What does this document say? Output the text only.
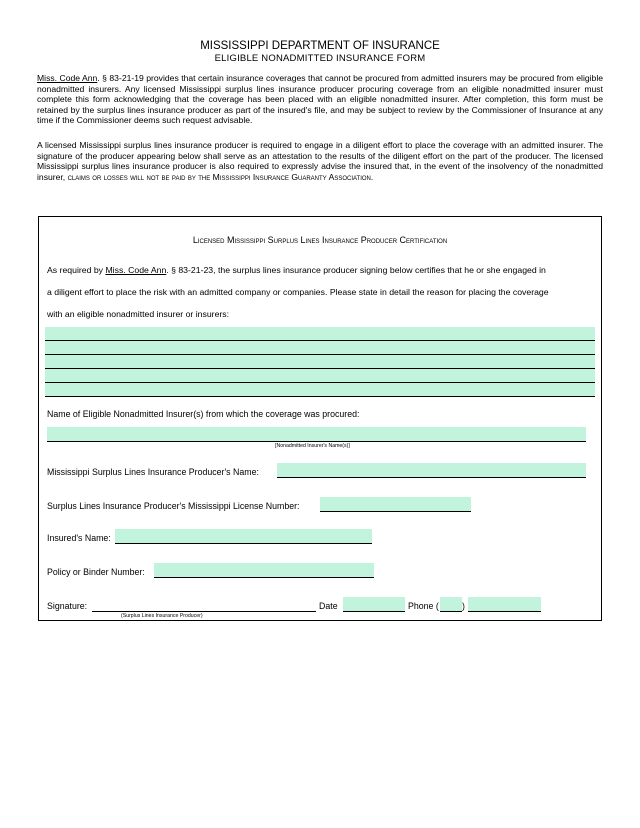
MISSISSIPPI DEPARTMENT OF INSURANCE
ELIGIBLE NONADMITTED INSURANCE FORM
Miss. Code Ann. § 83-21-19 provides that certain insurance coverages that cannot be procured from admitted insurers may be procured from eligible nonadmitted insurers. Any licensed Mississippi surplus lines insurance producer procuring coverage from an eligible nonadmitted insurer must complete this form acknowledging that the coverage has been placed with an eligible nonadmitted insurer. After completion, this form must be retained by the surplus lines insurance producer as part of the insured's file, and may be subject to review by the Commissioner of Insurance at any time if the Commissioner deems such request advisable.
A licensed Mississippi surplus lines insurance producer is required to engage in a diligent effort to place the coverage with an admitted insurer. The signature of the producer appearing below shall serve as an attestation to the results of the diligent effort on the part of the producer. The licensed Mississippi surplus lines insurance producer is also required to expressly advise the insured that, in the event of the insolvency of the nonadmitted insurer, claims or losses will not be paid by the Mississippi Insurance Guaranty Association.
Licensed Mississippi Surplus Lines Insurance Producer Certification
As required by Miss. Code Ann. § 83-21-23, the surplus lines insurance producer signing below certifies that he or she engaged in
a diligent effort to place the risk with an admitted company or companies. Please state in detail the reason for placing the coverage
with an eligible nonadmitted insurer or insurers:
Name of Eligible Nonadmitted Insurer(s) from which the coverage was procured:
[Nonadmitted Insurer's Name(s)]
Mississippi Surplus Lines Insurance Producer's Name:
Surplus Lines Insurance Producer's Mississippi License Number:
Insured's Name:
Policy or Binder Number:
Signature:
(Surplus Lines Insurance Producer)
Date	Phone (	)
